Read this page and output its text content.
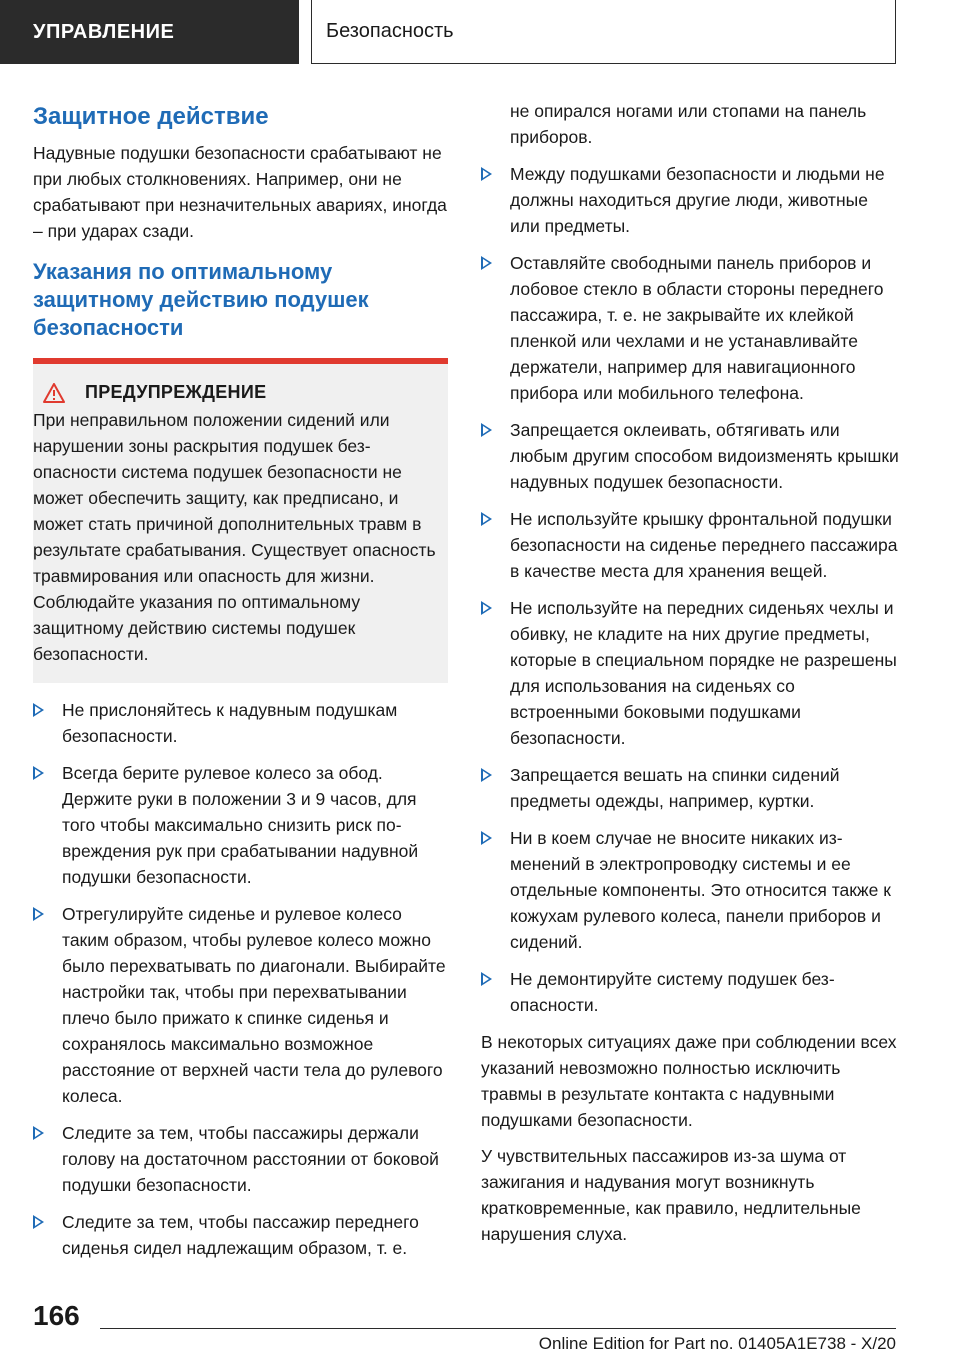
УПРАВЛЕНИЕ	Безопасность
Защитное действие

Надувные подушки безопасности срабатывают не при любых столкновениях. Например, они не срабатывают при незначительных авариях, иногда – при ударах сзади.

Указания по оптимальному защитному действию подушек безопасности
ПРЕДУПРЕЖДЕНИЕ

При неправильном положении сидений или нарушении зоны раскрытия подушек безопасности система подушек безопасности не может обеспечить защиту, как предписано, и может стать причиной дополнительных травм в результате срабатывания. Существует опасность травмирования или опасность для жизни. Соблюдайте указания по оптимальному защитному действию системы подушек безопасности.

Не прислоняйтесь к надувным подушкам безопасности.
Всегда берите рулевое колесо за обод. Держите руки в положении 3 и 9 часов, для того чтобы максимально снизить риск повреждения рук при срабатывании надувной подушки безопасности.
Отрегулируйте сиденье и рулевое колесо таким образом, чтобы рулевое колесо можно было перехватывать по диагонали. Выбирайте настройки так, чтобы при перехватывании плечо было прижато к спинке сиденья и сохранялось максимально возможное расстояние от верхней части тела до рулевого колеса.
Следите за тем, чтобы пассажиры держали голову на достаточном расстоянии от боковой подушки безопасности.
Следите за тем, чтобы пассажир переднего сиденья сидел надлежащим образом, т. е.

не опирался ногами или стопами на панель приборов.

Между подушками безопасности и людьми не должны находиться другие люди, животные или предметы.
Оставляйте свободными панель приборов и лобовое стекло в области стороны переднего пассажира, т. е. не закрывайте их клейкой пленкой или чехлами и не устанавливайте держатели, например для навигационного прибора или мобильного телефона.
Запрещается оклеивать, обтягивать или любым другим способом видоизменять крышки надувных подушек безопасности.
Не используйте крышку фронтальной подушки безопасности на сиденье переднего пассажира в качестве места для хранения вещей.
Не используйте на передних сиденьях чехлы и обивку, не кладите на них другие предметы, которые в специальном порядке не разрешены для использования на сиденьях со встроенными боковыми подушками безопасности.
Запрещается вешать на спинки сидений предметы одежды, например, куртки.
Ни в коем случае не вносите никаких изменений в электропроводку системы и ее отдельные компоненты. Это относится также к кожухам рулевого колеса, панели приборов и сидений.
Не демонтируйте систему подушек безопасности.

В некоторых ситуациях даже при соблюдении всех указаний невозможно полностью исключить травмы в результате контакта с надувными подушками безопасности.

У чувствительных пассажиров из-за шума от зажигания и надувания могут возникнуть кратковременные, как правило, недлительные нарушения слуха.

166
Online Edition for Part no. 01405A1E738 - X/20
